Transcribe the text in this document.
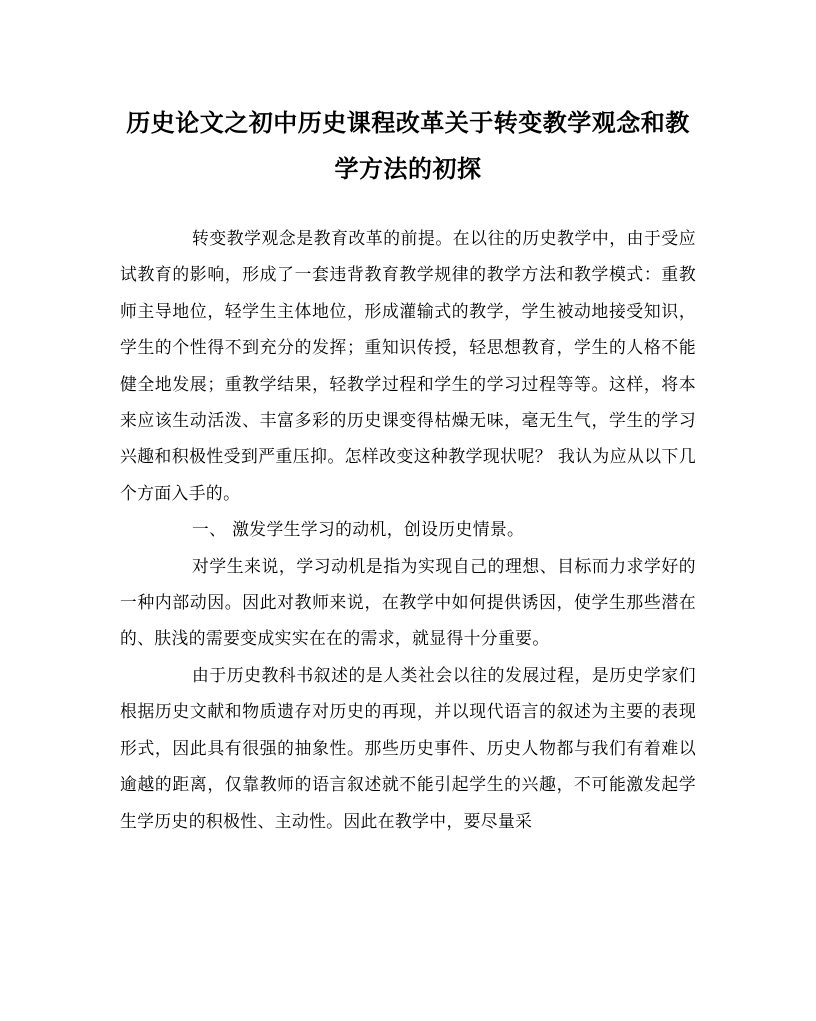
历史论文之初中历史课程改革关于转变教学观念和教学方法的初探

转变教学观念是教育改革的前提。在以往的历史教学中，由于受应试教育的影响，形成了一套违背教育教学规律的教学方法和教学模式：重教师主导地位，轻学生主体地位，形成灌输式的教学，学生被动地接受知识，学生的个性得不到充分的发挥；重知识传授，轻思想教育，学生的人格不能健全地发展；重教学结果，轻教学过程和学生的学习过程等等。这样，将本来应该生动活泼、丰富多彩的历史课变得枯燥无味，毫无生气，学生的学习兴趣和积极性受到严重压抑。怎样改变这种教学现状呢？ 我认为应从以下几个方面入手的。

一、 激发学生学习的动机，创设历史情景。

对学生来说，学习动机是指为实现自己的理想、目标而力求学好的一种内部动因。因此对教师来说，在教学中如何提供诱因，使学生那些潜在的、肤浅的需要变成实实在在的需求，就显得十分重要。

由于历史教科书叙述的是人类社会以往的发展过程，是历史学家们根据历史文献和物质遗存对历史的再现，并以现代语言的叙述为主要的表现形式，因此具有很强的抽象性。那些历史事件、历史人物都与我们有着难以逾越的距离，仅靠教师的语言叙述就不能引起学生的兴趣，不可能激发起学生学历史的积极性、主动性。因此在教学中，要尽量采
